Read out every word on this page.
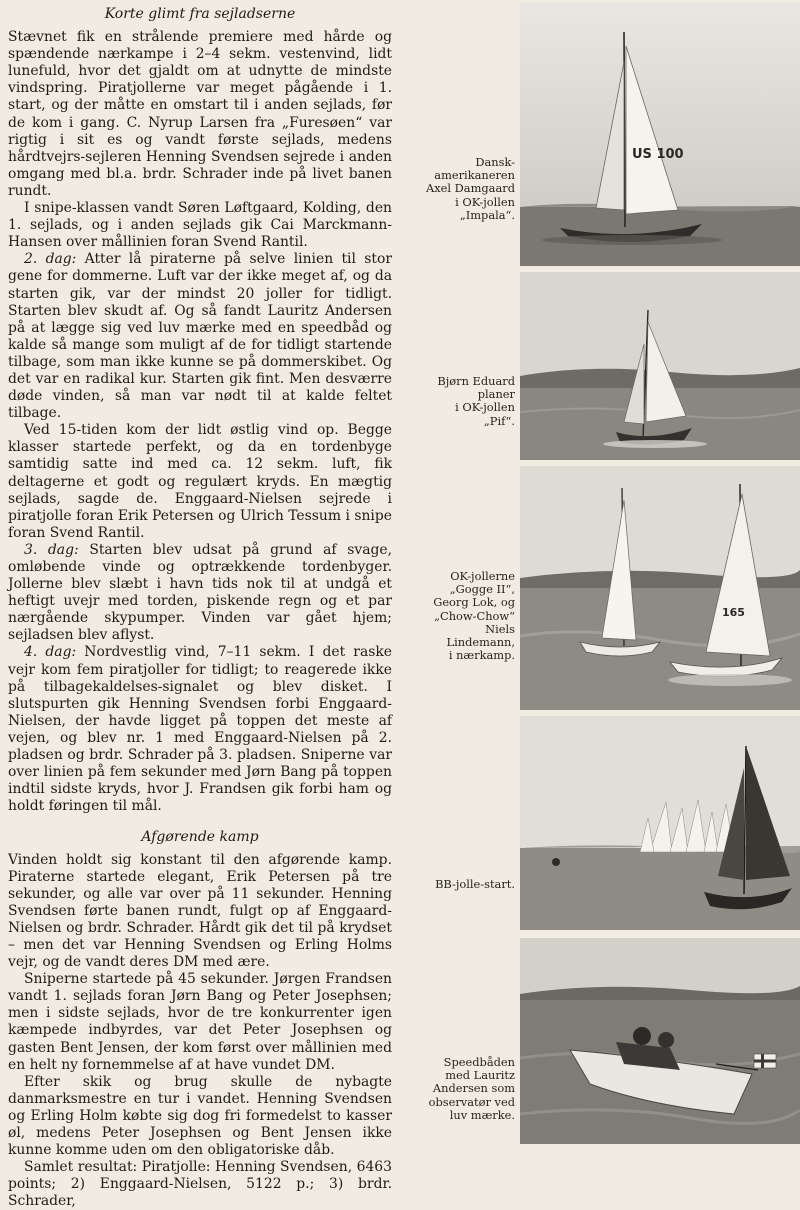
Korte glimt fra sejladserne

Stævnet fik en strålende premiere med hårde og spændende nærkampe i 2–4 sekm. vestenvind, lidt lunefuld, hvor det gjaldt om at udnytte de mindste vindspring. Piratjollerne var meget pågående i 1. start, og der måtte en omstart til i anden sejlads, før de kom i gang. C. Nyrup Larsen fra „Furesøen“ var rigtig i sit es og vandt første sejlads, medens hårdtvejrs-sejleren Henning Svendsen sejrede i anden omgang med bl.a. brdr. Schrader inde på livet banen rundt.

I snipe-klassen vandt Søren Løftgaard, Kolding, den 1. sejlads, og i anden sejlads gik Cai Marckmann-Hansen over mållinien foran Svend Rantil.

2. dag: Atter lå piraterne på selve linien til stor gene for dommerne. Luft var der ikke meget af, og da starten gik, var der mindst 20 joller for tidligt. Starten blev skudt af. Og så fandt Lauritz Andersen på at lægge sig ved luv mærke med en speedbåd og kalde så mange som muligt af de for tidligt startende tilbage, som man ikke kunne se på dommerskibet. Og det var en radikal kur. Starten gik fint. Men desværre døde vinden, så man var nødt til at kalde feltet tilbage.

Ved 15-tiden kom der lidt østlig vind op. Begge klasser startede perfekt, og da en tordenbyge samtidig satte ind med ca. 12 sekm. luft, fik deltagerne et godt og regulært kryds. En mægtig sejlads, sagde de. Enggaard-Nielsen sejrede i piratjolle foran Erik Petersen og Ulrich Tessum i snipe foran Svend Rantil.

3. dag: Starten blev udsat på grund af svage, omløbende vinde og optrækkende tordenbyger. Jollerne blev slæbt i havn tids nok til at undgå et heftigt uvejr med torden, piskende regn og et par nærgående skypumper. Vinden var gået hjem; sejladsen blev aflyst.

4. dag: Nordvestlig vind, 7–11 sekm. I det raske vejr kom fem piratjoller for tidligt; to reagerede ikke på tilbagekaldelses-signalet og blev disket. I slutspurten gik Henning Svendsen forbi Enggaard-Nielsen, der havde ligget på toppen det meste af vejen, og blev nr. 1 med Enggaard-Nielsen på 2. pladsen og brdr. Schrader på 3. pladsen. Sniperne var over linien på fem sekunder med Jørn Bang på toppen indtil sidste kryds, hvor J. Frandsen gik forbi ham og holdt føringen til mål.

Afgørende kamp

Vinden holdt sig konstant til den afgørende kamp. Piraterne startede elegant, Erik Petersen på tre sekunder, og alle var over på 11 sekunder. Henning Svendsen førte banen rundt, fulgt op af Enggaard-Nielsen og brdr. Schrader. Hårdt gik det til på krydset – men det var Henning Svendsen og Erling Holms vejr, og de vandt deres DM med ære.

Sniperne startede på 45 sekunder. Jørgen Frandsen vandt 1. sejlads foran Jørn Bang og Peter Josephsen; men i sidste sejlads, hvor de tre konkurrenter igen kæmpede indbyrdes, var det Peter Josephsen og gasten Bent Jensen, der kom først over mållinien med en helt ny fornemmelse af at have vundet DM.

Efter skik og brug skulle de nybagte danmarksmestre en tur i vandet. Henning Svendsen og Erling Holm købte sig dog fri formedelst to kasser øl, medens Peter Josephsen og Bent Jensen ikke kunne komme uden om den obligatoriske dåb.

Samlet resultat: Piratjolle: Henning Svendsen, 6463 points; 2) Enggaard-Nielsen, 5122 p.; 3) brdr. Schrader,

Dansk-
amerikaneren
Axel Damgaard
i OK-jollen
„Impala“.
US 100
Bjørn Eduard
planer
i OK-jollen
„Pif“.
OK-jollerne
„Gogge II“,
Georg Lok, og
„Chow-Chow“
Niels
Lindemann,
i nærkamp.
165
BB-jolle-start.
Speedbåden
med Lauritz
Andersen som
observatør ved
luv mærke.
